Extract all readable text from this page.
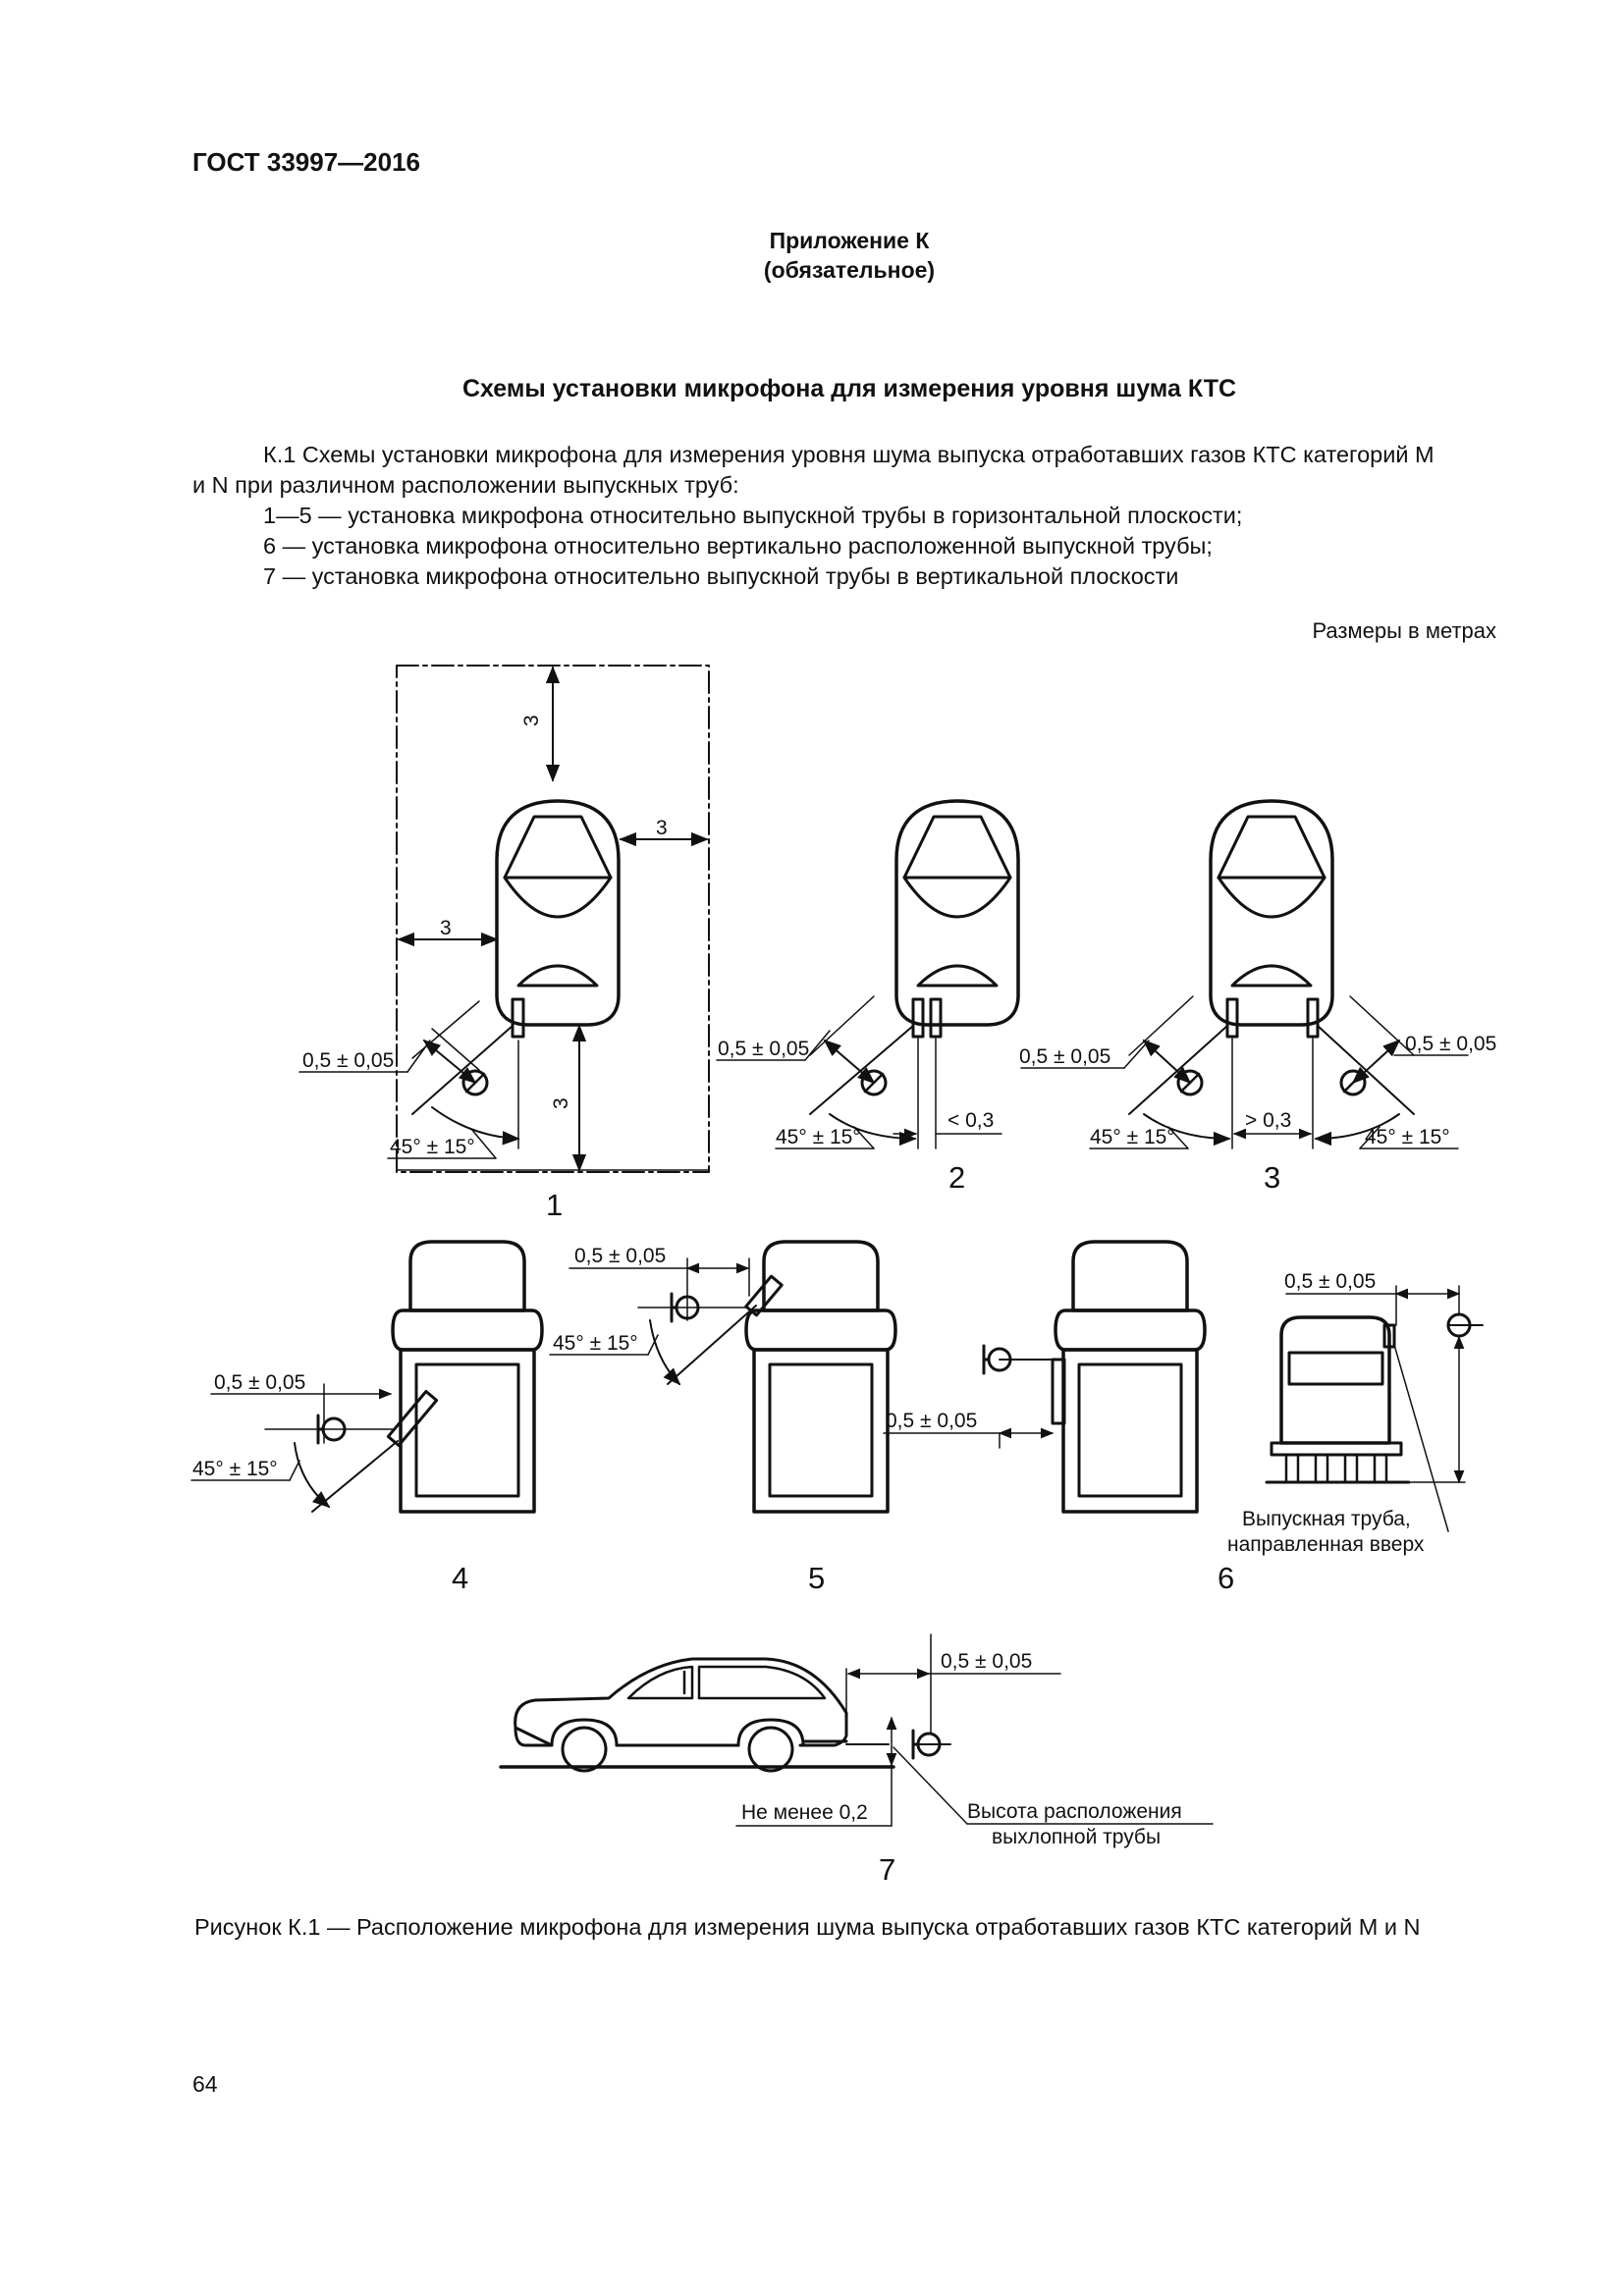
ГОСТ 33997—2016
Приложение К
(обязательное)
Схемы установки микрофона для измерения уровня шума КТС

К.1 Схемы установки микрофона для измерения уровня шума выпуска отработавших газов КТС категорий М

и N при различном расположении выпускных труб:

1—5 — установка микрофона относительно выпускной трубы в горизонтальной плоскости;

6 — установка микрофона относительно вертикально расположенной выпускной трубы;

7 — установка микрофона относительно выпускной трубы в вертикальной плоскости

Размеры в метрах
3
3
3
3
0,5 ± 0,05
45° ± 15°
0,5 ± 0,05
45° ± 15°
< 0,3
0,5 ± 0,05
0,5 ± 0,05
45° ± 15°
> 0,3
45° ± 15°
0,5 ± 0,05
45° ± 15°
0,5 ± 0,05
45° ± 15°
0,5 ± 0,05
0,5 ± 0,05
Выпускная труба,
направленная вверх
0,5 ± 0,05
Не менее 0,2	Высота расположения
выхлопной трубы
1
2	3
4	5	6
7
Рисунок К.1 — Расположение микрофона для измерения шума выпуска отработавших газов КТС категорий М и N
64
